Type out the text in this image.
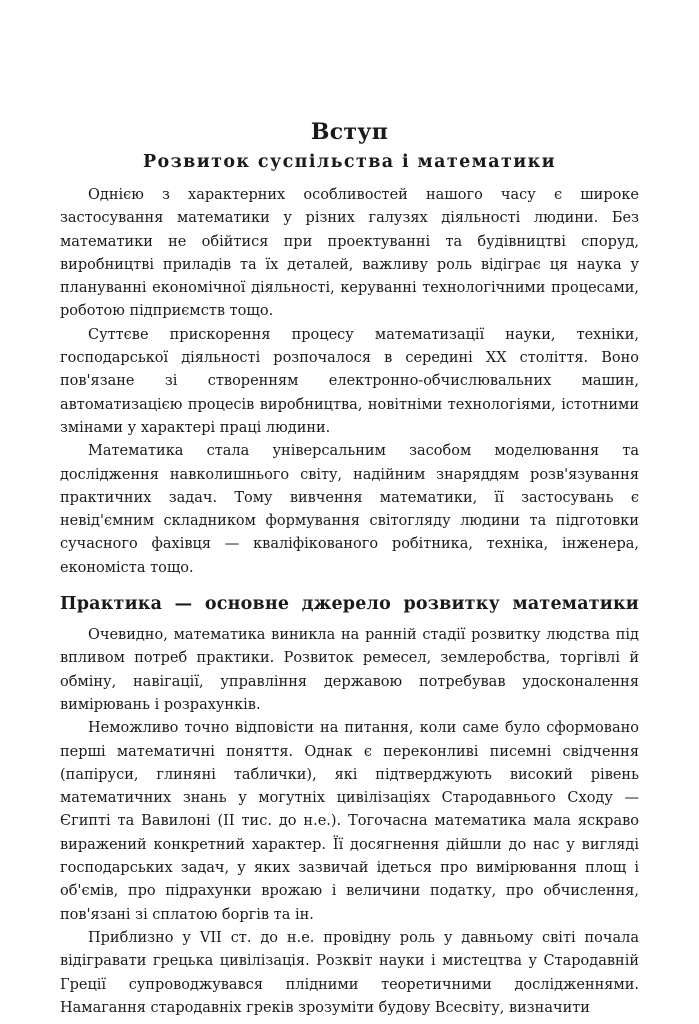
Вступ
Розвиток суспільства і математики

Однією з характерних особливостей нашого часу є широке застосування математики у різних галузях діяльності людини. Без математики не обійтися при проектуванні та будівництві споруд, виробництві приладів та їх деталей, важливу роль відіграє ця наука у плануванні економічної діяльності, керуванні технологічними процесами, роботою підприємств тощо.

Суттєве прискорення процесу математизації науки, техніки, господарської діяльності розпочалося в середині XX століття. Воно пов'язане зі створенням електронно-обчислювальних машин, автоматизацією процесів виробництва, новітніми технологіями, істотними змінами у характері праці людини.

Математика стала універсальним засобом моделювання та дослідження навколишнього світу, надійним знаряддям розв'язування практичних задач. Тому вивчення математики, її застосувань є невід'ємним складником формування світогляду людини та підготовки сучасного фахівця — кваліфікованого робітника, техніка, інженера, економіста тощо.

Практика — основне джерело розвитку математики

Очевидно, математика виникла на ранній стадії розвитку людства під впливом потреб практики. Розвиток ремесел, землеробства, торгівлі й обміну, навігації, управління державою потребував удосконалення вимірювань і розрахунків.

Неможливо точно відповісти на питання, коли саме було сформовано перші математичні поняття. Однак є переконливі писемні свідчення (папіруси, глиняні таблички), які підтверджують високий рівень математичних знань у могутніх цивілізаціях Стародавнього Сходу — Єгипті та Вавилоні (II тис. до н.е.). Тогочасна математика мала яскраво виражений конкретний характер. Її досягнення дійшли до нас у вигляді господарських задач, у яких зазвичай ідеться про вимірювання площ і об'ємів, про підрахунки врожаю і величини податку, про обчислення, пов'язані зі сплатою боргів та ін.

Приблизно у VII ст. до н.е. провідну роль у давньому світі почала відігравати грецька цивілізація. Розквіт науки і мистецтва у Стародавній Греції супроводжувався плідними теоретичними дослідженнями. Намагання стародавніх греків зрозуміти будову Всесвіту, визначити
